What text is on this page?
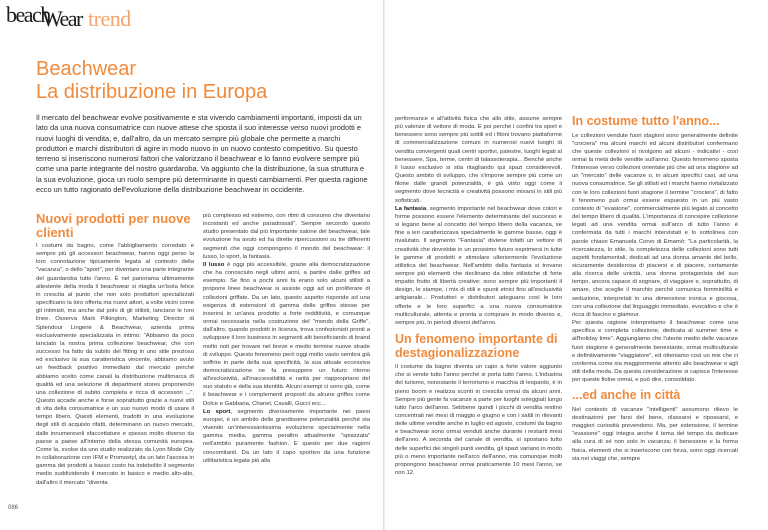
beach
Wear trend
Beachwear
La distribuzione in Europa

Il mercato del beachwear evolve positivamente e sta vivendo cambiamenti importanti, imposti da un lato da una nuova consumatrice con nuove attese che sposta il suo interesse verso nuovi prodotti e nuovi luoghi di vendita, e, dall'altro, da un mercato sempre più globale che permette a marchi produttori e marchi distributori di agire in modo nuovo in un nuovo contesto competitivo. Su questo terreno si inseriscono numerosi fattori che valorizzano il beachwear e lo fanno evolvere sempre più come una parte integrante del nostro guardaroba. Va aggiunto che la distribuzione, la sua struttura e la sua evoluzione, gioca un ruolo sempre più determinante in questi cambiamenti. Per questa ragione ecco un tutto ragionato dell'evoluzione della distribuzione beachwear in occidente.

Nuovi prodotti per nuove clienti

I costumi da bagno, come l'abbigliamento corredato e sempre più gli accessori beachwear, hanno oggi perso la loro connotazione tipicamente legata al contesto della "vacanza", o dello "sport", per diventare una parte integrante del guardaroba tutto l'anno. È nel panorama ultimamente allestente della moda il beachwear si ritaglia un'isola felice in crescita al punto che non solo produttori specializzati specificano la loro offerta ma nuovi attori, a volte vicini come gli intimisti, ma anche dal polo di gli stilisti, lanciano le loro linee. Osserva Mark Pilkington, Marketing Director di Splendour Lingerie & Beachwear, azienda prima esclusivamente specializzata in intimo: "Abbiamo da poco lanciato la nostra prima collezione beachwear, che con successo ha fatto da subito del fitting in uno stile prezioso ed esclusivo la sua caratteristica vincente, abbiamo avuto un feedback positivo immediato dal mercato perché abbiamo scelto come canali la distribuzione multimarca di qualità ed una selezione di department stores proponendo una collezione di subito completa e ricca di accessori ...". Questo accade anche e forse soprattutto grazie a nuovi stili di vita della consumatrice e un suo nuovo modo di usare il tempo libero. Questi elementi, tradotti in una evoluzione degli stili di acquisto rifatti, determinano un nuovo mercato, dalle innumerevoli sfaccettature e spesso molto diverso da paese a paese all'interno della stessa comunità europea. Come la, svolse da uno studio realizzato da Lyon Mode City in collaborazione con IFM e Promostyl, da un lato l'ascesa in gamma dei prodotti a basso costo ha indebolito il segmento medio suddividendo il mercato in basico e medio alto-alto, dall'altro il mercato "diventa

più complesso ed estremo, con ritmi di consumo che diventano incostanti ed anche paradossali". Sempre secondo questo studio presentato dal più importante salone del beachwear, tale evoluzione ha avuto ed ha dirette ripercussioni su tre differenti segmenti che oggi compongono il mondo del beachwear: il lusso, lo sport, la fantasia.

Il lusso è oggi più accessibile, grazie alla democratizzazione che ha conosciuto negli ultimi anni, a partire dalle griffes ad esempio. Se fino a pochi anni fa erano solo alcuni stilisti a proporre linee beachwear si assiste oggi ad un proliferare di collezioni griffate. Da un lato, questo aspetto risponde ad una esigenza di estensioni di gamma delle griffes stesse per inserirsi in un'area prodotto a forte redditività, e comunque ormai necessaria nella costruzione del "mondo della Griffe", dall'altro, quando prodotti in licenza, trova confezionisti pronti a sviluppare il loro business in segmenti alti beneficiando di brand molto noti per trovare nel breve e medio termine nuove strade di sviluppo. Questo fenomeno però oggi molto vasto sembra già soffrire in parte della sua specificità, la sua attuale eccessiva democratizzazione ne fa presuppore un futuro ritorno all'esclusività, all'inaccessibilità e rarità per riappropriarsi del suo statuto e della sua identità. Alcuni esempi ci sono già, come il beachwear e i complementi proposti da alcune griffes come Dolce e Gabbana, Chanel, Cavalli, Gucci ecc...

Lo sport, segmento diversamente importante nei paesi europei, è un ambito delle grandissime potenzialità perché sta vivendo un'interessantissima evoluzione specialmente nella gamma media, gamma peraltro attualmente "spiazzata" nell'ambito puramente fashion. E questo per due ragioni concomitanti. Da un lato il capo sportivo da una funzione utilitaristica legata più alla

performance e all'attività fisica che allo stile, assume sempre più valenze di vettore di moda. E poi perché i confini tra sport e benessere sono sempre più sottili ed i fitoni trovano piattaforme di commercializzazione comuni in numerosi nuovi luoghi di vendita convergenti quali centri sportivi, palestre, luoghi legati al benessere, Spa, terme, centri di talassoterapia... Benché anche il lusso esclusivo si stia ritagliando qui spazi considerevoli. Questo ambito di sviluppo, che s'impone sempre più come un filone dalle grandi potenzialità, è già visto oggi come il segmento dove tecnicità e creatività possono mixarsi in stili più sofisticati.

La fantasia, segmento importante nel beachwear dove colori e forme possono essere l'elemento determinante del successo e si legano bene al concetto del tempo libero della vacanza, se fine a ieri caratterizzava specialmente le gamme basse, oggi è rivalutato. Il segmento "Fantasia" diviene infatti un vettore di creatività che dovrebbe in un prossimo futuro esprimersi in tutte le gamme di prodotti e stimolare ulteriormente l'evoluzione stilistica del beachwear. Nell'ambito della fantasia si trovano sempre più elementi che declinano da idee stilistiche di forte impatto frutto di libertà creative: sono sempre più importanti il design, le stampe, i mix di stili e spunti etnici fino all'esclusività artigianale... Produttori e distributori adeguano così le loro offerte e le loro superfici a una nuova consumatrice multiculturale, attenta e pronta a comprare in modo diverso e, sempre più, in periodi diversi dell'anno.

Un fenomeno importante di destagionalizzazione

Il costume da bagno diventa un capo a forte valore aggiunto che si vende tutto l'anno perché si porta tutto l'anno. L'industria del turismo, nonostante il terrorismo e macchia di leopardo, è in pieno boom e realizza sconti in crescita ormai da alcuni anni. Sempre più gente fa vacanze a parte per luoghi soleggiati lungo tutto l'arco dell'anno. Sebbene quindi i picchi di vendita restino concentrati nei mesi di maggio e giugno e con i saldi in rilevanti delle ultime vendite anche in luglio ed agosto, costumi da bagno e beachwear sono ormai venduti anche durante i restanti mesi dell'anno. A seconda del canale di vendita, si spostano tutto delle superfici dei singoli punti vendita, gli spazi variano in modo più o meno importante nell'arco dell'anno, ma comunque molti propongono beachwear ormai praticamente 10 mesi l'anno, se non 12.

In costume tutto l'anno...

Le collezioni vendute fuori stagioni sono generalmente definite "crociera" ma alcuni marchi ed alcuni distributori confermano che queste collezioni si rivolgono ad alcuni - indicativi - così ormai la metà delle vendite sull'anno. Questo fenomeno sposta l'interesse verso collezioni orientate più che ad una stagione ad un "mercato" delle vacanze o, in alcuni specifici casi, ad una nuova consumatrice. Se gli stilisti ed i marchi hanno rivitalizzato con le loro collezioni fuori stagione il termine "crociera", di fatto il fenomeno può ormai essere espuesto in un più vasto contesto di "evasione", commercialmente più legato al concetto del tempo libero di qualità. L'importanza di concepire collezione legati ad una vendita ormai sull'arco di tutto l'anno è confermata da tutti i marchi intervistati e lo sottolinea con parole chiave Emanuela Corvo di Emamò: "La particolarità, la ricercatezza, lo stile, la completezza delle collezioni sono tutti aspetti fondamentali, dedicati ad una donna amante del bello, sicuramente desiderosa di piacersi e di piacere, certamente alla ricerca delle unicità, una donna protagonista del suo tempo, ancora capace di sognare, di viaggiare e, soprattutto, di amare, che sceglie il marchio perché comunica femminilità e seduzione, interpretati in una dimensione ironica e giocosa, con una collezione dal linguaggio immediato, evocativo e che è ricca di fascino e glamour.

Per questa ragione interpretiamo il beachwear come una specifica e completa collezione, dedicata al summer time e all'holiday time". Aggiungiamo che l'utente medio delle vacanze fuori stagione è generalmente benestante, ormai multiculturale e definitivamente "viaggiatore", ed otteniamo così un mix che ci conferma come sia maggiormente attento allo beachwear e agli stili della moda. Da questa considerazione si capisce l'interesse per queste fiolne ormai, e può dire, consolidato.

...ed anche in città

Nel contesto di vacanze "intelligenti" assumono rilievo le destinazioni per farsi del bene, rilassarsi e ripossarsi, e maggiori curiosità prevendono. Ma, per estensione, il termine "evasione" oggi integra anche il tema del tempo da dedicare alla cura di sé non solo in vacanza; il benessere e la forma fisica, elementi che si inseriscono con forza, sono oggi ricercati sia nei viaggi che, sempre

086
